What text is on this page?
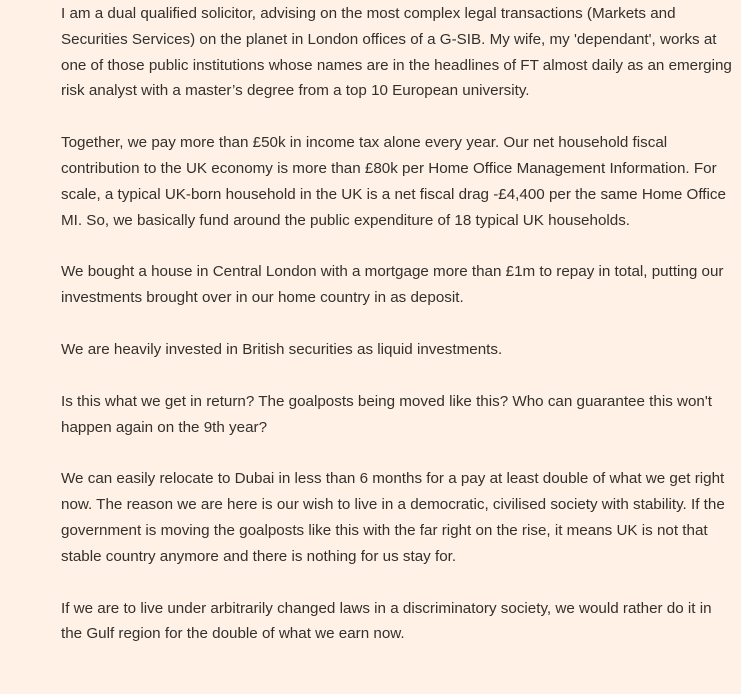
I am a dual qualified solicitor, advising on the most complex legal transactions (Markets and Securities Services) on the planet in London offices of a G-SIB. My wife, my 'dependant', works at one of those public institutions whose names are in the headlines of FT almost daily as an emerging risk analyst with a master’s degree from a top 10 European university.

Together, we pay more than £50k in income tax alone every year. Our net household fiscal contribution to the UK economy is more than £80k per Home Office Management Information. For scale, a typical UK-born household in the UK is a net fiscal drag -£4,400 per the same Home Office MI. So, we basically fund around the public expenditure of 18 typical UK households.

We bought a house in Central London with a mortgage more than £1m to repay in total, putting our investments brought over in our home country in as deposit.

We are heavily invested in British securities as liquid investments.

Is this what we get in return? The goalposts being moved like this? Who can guarantee this won't happen again on the 9th year?

We can easily relocate to Dubai in less than 6 months for a pay at least double of what we get right now. The reason we are here is our wish to live in a democratic, civilised society with stability. If the government is moving the goalposts like this with the far right on the rise, it means UK is not that stable country anymore and there is nothing for us stay for.

If we are to live under arbitrarily changed laws in a discriminatory society, we would rather do it in the Gulf region for the double of what we earn now.
